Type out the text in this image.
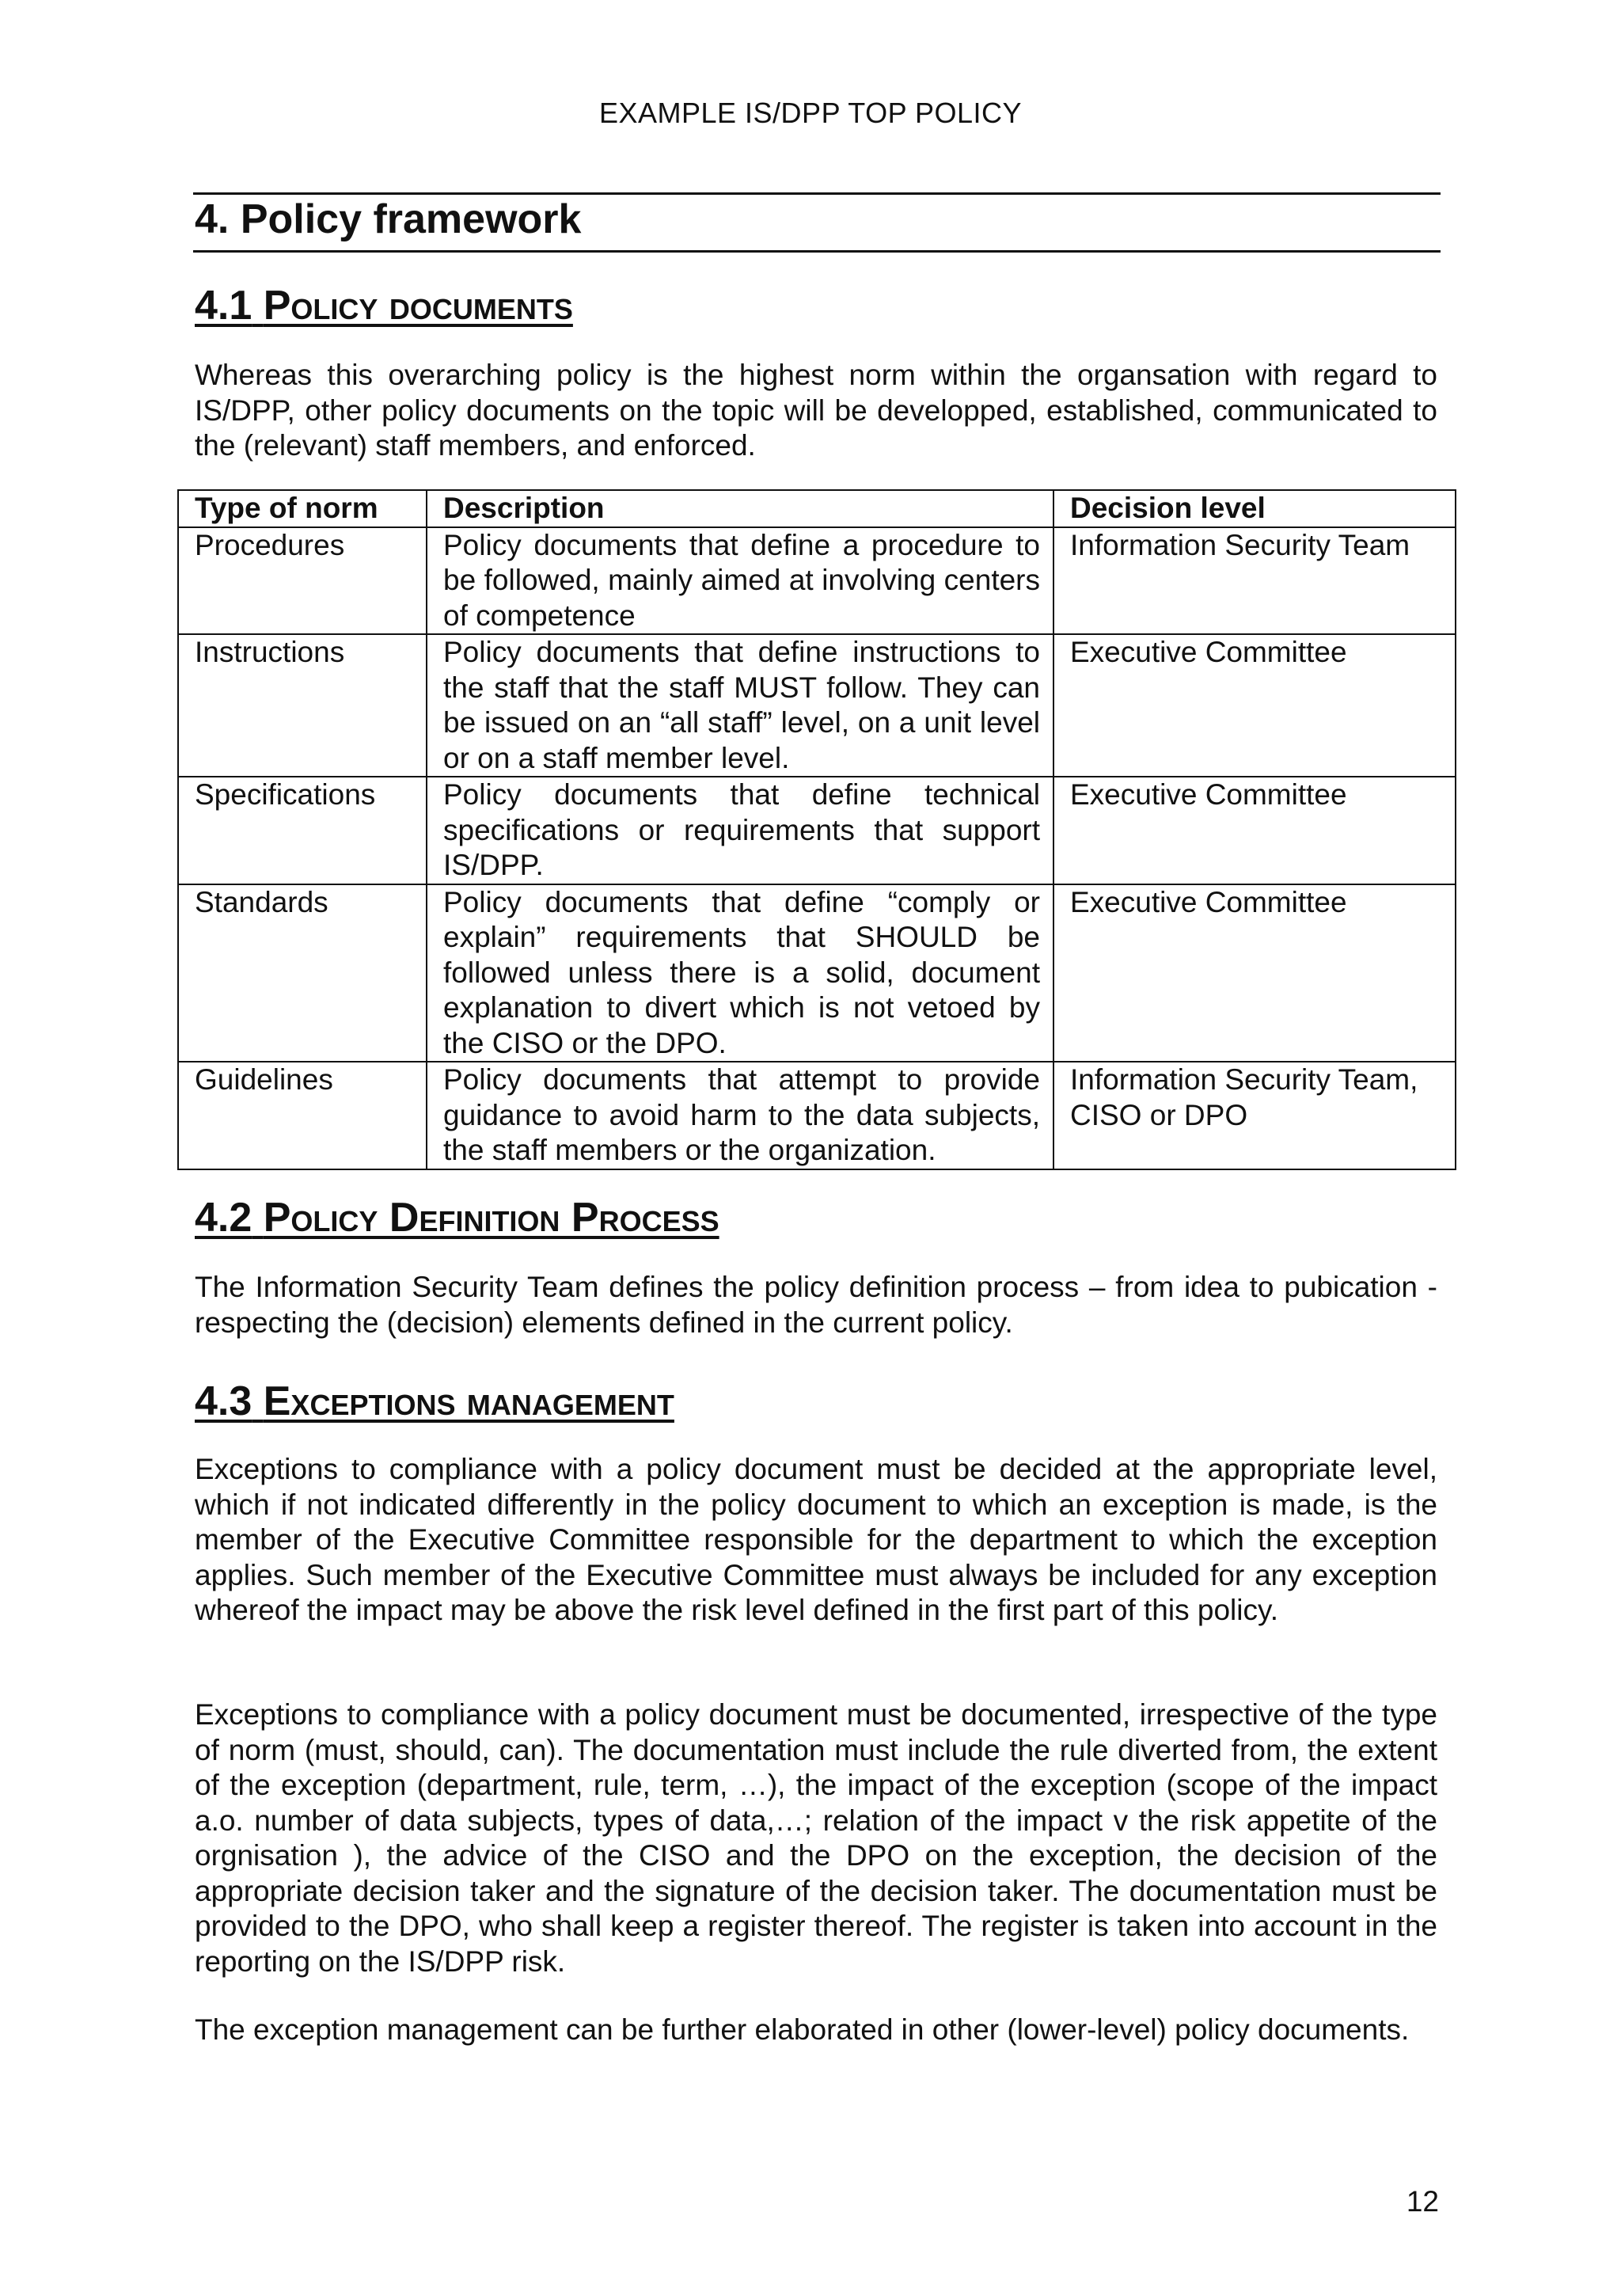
EXAMPLE IS/DPP TOP POLICY
4. Policy framework
4.1 Policy documents

Whereas this overarching policy is the highest norm within the organsation with regard to IS/DPP, other policy documents on the topic will be developped, established, communicated to the (relevant) staff members, and enforced.

Type of norm	Description	Decision level
Procedures	Policy documents that define a procedure to be followed, mainly aimed at involving centers of competence	Information Security Team
Instructions	Policy documents that define instructions to the staff that the staff MUST follow. They can be issued on an “all staff” level, on a unit level or on a staff member level.	Executive Committee
Specifications	Policy documents that define technical specifications or requirements that support IS/DPP.	Executive Committee
Standards	Policy documents that define “comply or explain” requirements that SHOULD be followed unless there is a solid, document explanation to divert which is not vetoed by the CISO or the DPO.	Executive Committee
Guidelines	Policy documents that attempt to provide guidance to avoid harm to the data subjects, the staff members or the organization.	Information Security Team, CISO or DPO
4.2 Policy Definition Process

The Information Security Team defines the policy definition process – from idea to pubication - respecting the (decision) elements defined in the current policy.

4.3 Exceptions management

Exceptions to compliance with a policy document must be decided at the appropriate level, which if not indicated differently in the policy document to which an exception is made, is the member of the Executive Committee responsible for the department to which the exception applies. Such member of the Executive Committee must always be included for any exception whereof the impact may be above the risk level defined in the first part of this policy.

Exceptions to compliance with a policy document must be documented, irrespective of the type of norm (must, should, can). The documentation must include the rule diverted from, the extent of the exception (department, rule, term, …), the impact of the exception (scope of the impact a.o. number of data subjects, types of data,…; relation of the impact v the risk appetite of the orgnisation ), the advice of the CISO and the DPO on the exception, the decision of the appropriate decision taker and the signature of the decision taker. The documentation must be provided to the DPO, who shall keep a register thereof. The register is taken into account in the reporting on the IS/DPP risk.

The exception management can be further elaborated in other (lower-level) policy documents.

12
